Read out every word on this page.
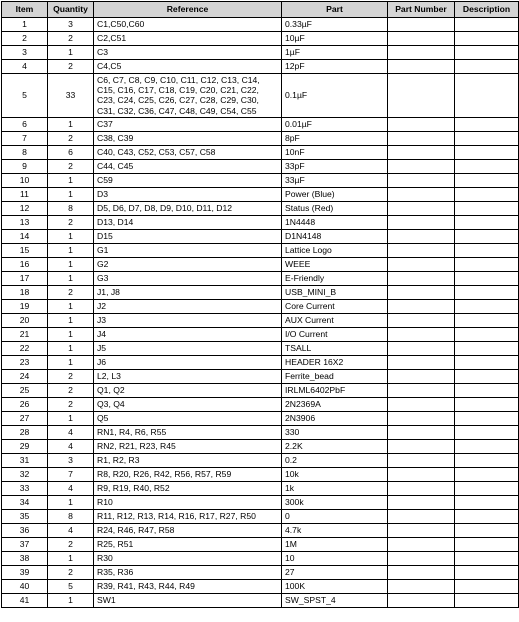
Item	Quantity	Reference	Part	Part Number	Description
1	3	C1,C50,C60	0.33µF		
2	2	C2,C51	10µF		
3	1	C3	1µF		
4	2	C4,C5	12pF		
5	33	C6, C7, C8, C9, C10, C11, C12, C13, C14, C15, C16, C17, C18, C19, C20, C21, C22, C23, C24, C25, C26, C27, C28, C29, C30, C31, C32, C36, C47, C48, C49, C54, C55	0.1µF		
6	1	C37	0.01µF		
7	2	C38, C39	8pF		
8	6	C40, C43, C52, C53, C57, C58	10nF		
9	2	C44, C45	33pF		
10	1	C59	33µF		
11	1	D3	Power (Blue)		
12	8	D5, D6, D7, D8, D9, D10, D11, D12	Status (Red)		
13	2	D13, D14	1N4448		
14	1	D15	D1N4148		
15	1	G1	Lattice Logo		
16	1	G2	WEEE		
17	1	G3	E-Friendly		
18	2	J1, J8	USB_MINI_B		
19	1	J2	Core Current		
20	1	J3	AUX Current		
21	1	J4	I/O Current		
22	1	J5	TSALL		
23	1	J6	HEADER 16X2		
24	2	L2, L3	Ferrite_bead		
25	2	Q1, Q2	IRLML6402PbF		
26	2	Q3, Q4	2N2369A		
27	1	Q5	2N3906		
28	4	RN1, R4, R6, R55	330		
29	4	RN2, R21, R23, R45	2.2K		
31	3	R1, R2, R3	0.2		
32	7	R8, R20, R26, R42, R56, R57, R59	10k		
33	4	R9, R19, R40, R52	1k		
34	1	R10	300k		
35	8	R11, R12, R13, R14, R16, R17, R27, R50	0		
36	4	R24, R46, R47, R58	4.7k		
37	2	R25, R51	1M		
38	1	R30	10		
39	2	R35, R36	27		
40	5	R39, R41, R43, R44, R49	100K		
41	1	SW1	SW_SPST_4		
